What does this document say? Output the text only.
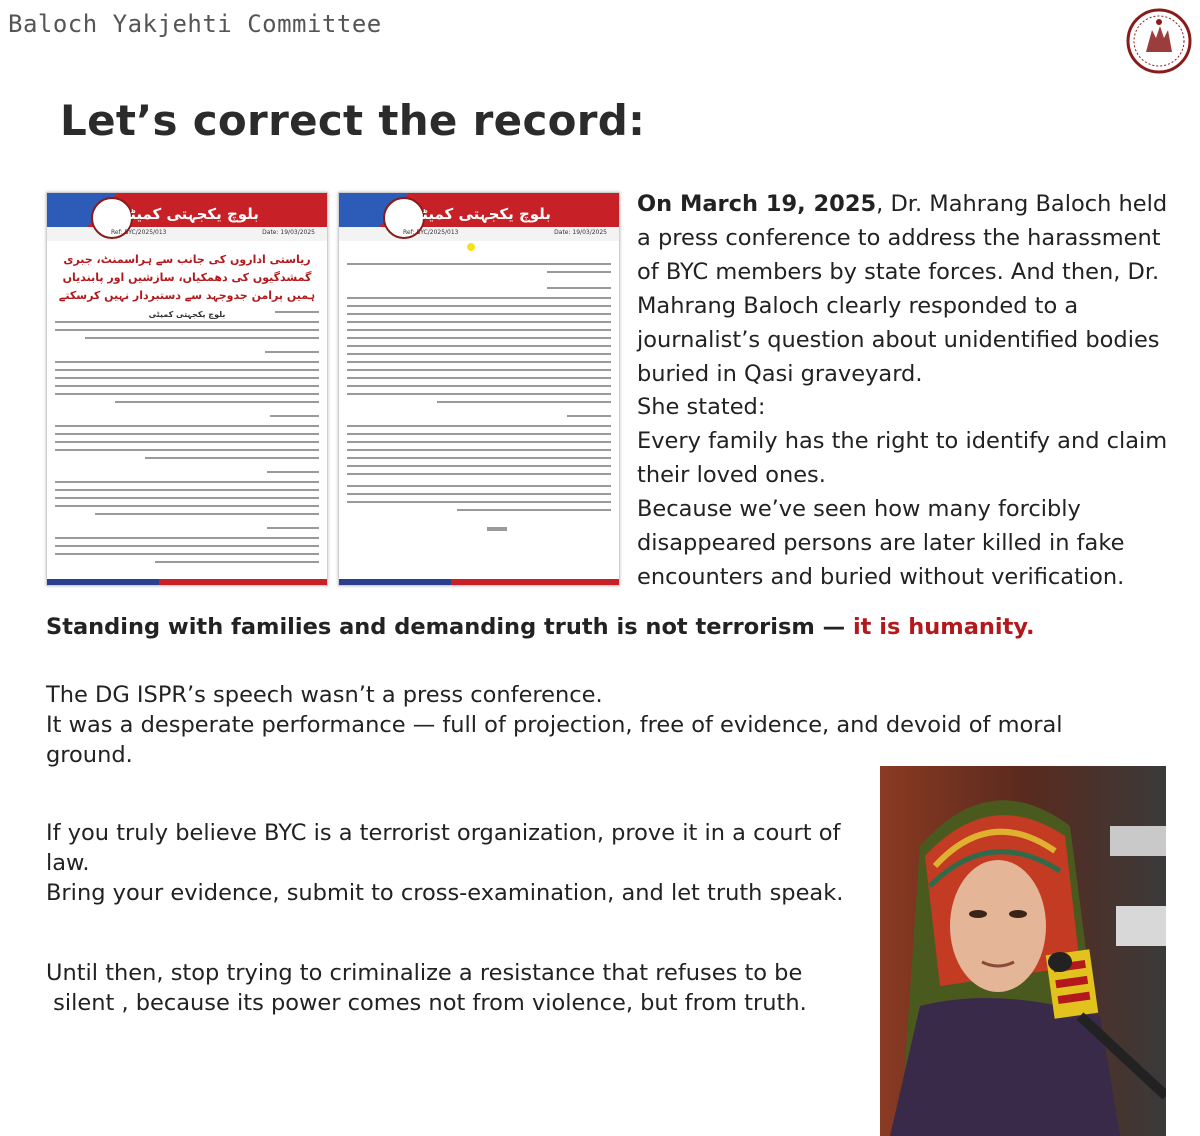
Baloch Yakjehti Committee
Let’s correct the record:
بلوچ یکجہتی کمیٹی
Ref: BYC/2025/013	Date: 19/03/2025
ریاستی اداروں کی جانب سے ہراسمنٹ، جبری گمشدگیوں کی دھمکیاں، سازشیں اور پابندیاں ہمیں پرامن جدوجہد سے دستبردار نہیں کرسکتے
بلوچ یکجہتی کمیٹی
بلوچ یکجہتی کمیٹی
Ref: BYC/2025/013	Date: 19/03/2025

On March 19, 2025, Dr. Mahrang Baloch held a press conference to address the harassment of BYC members by state forces. And then, Dr. Mahrang Baloch clearly responded to a journalist’s question about unidentified bodies buried in Qasi graveyard.

She stated:

Every family has the right to identify and claim their loved ones.

Because we’ve seen how many forcibly disappeared persons are later killed in fake encounters and buried without verification.

Standing with families and demanding truth is not terrorism — it is humanity.

The DG ISPR’s speech wasn’t a press conference.

It was a desperate performance — full of projection, free of evidence, and devoid of moral ground.

If you truly believe BYC is a terrorist organization, prove it in a court of law.

Bring your evidence, submit to cross-examination, and let truth speak.

Until then, stop trying to criminalize a resistance that refuses to be

silent , because its power comes not from violence, but from truth.
